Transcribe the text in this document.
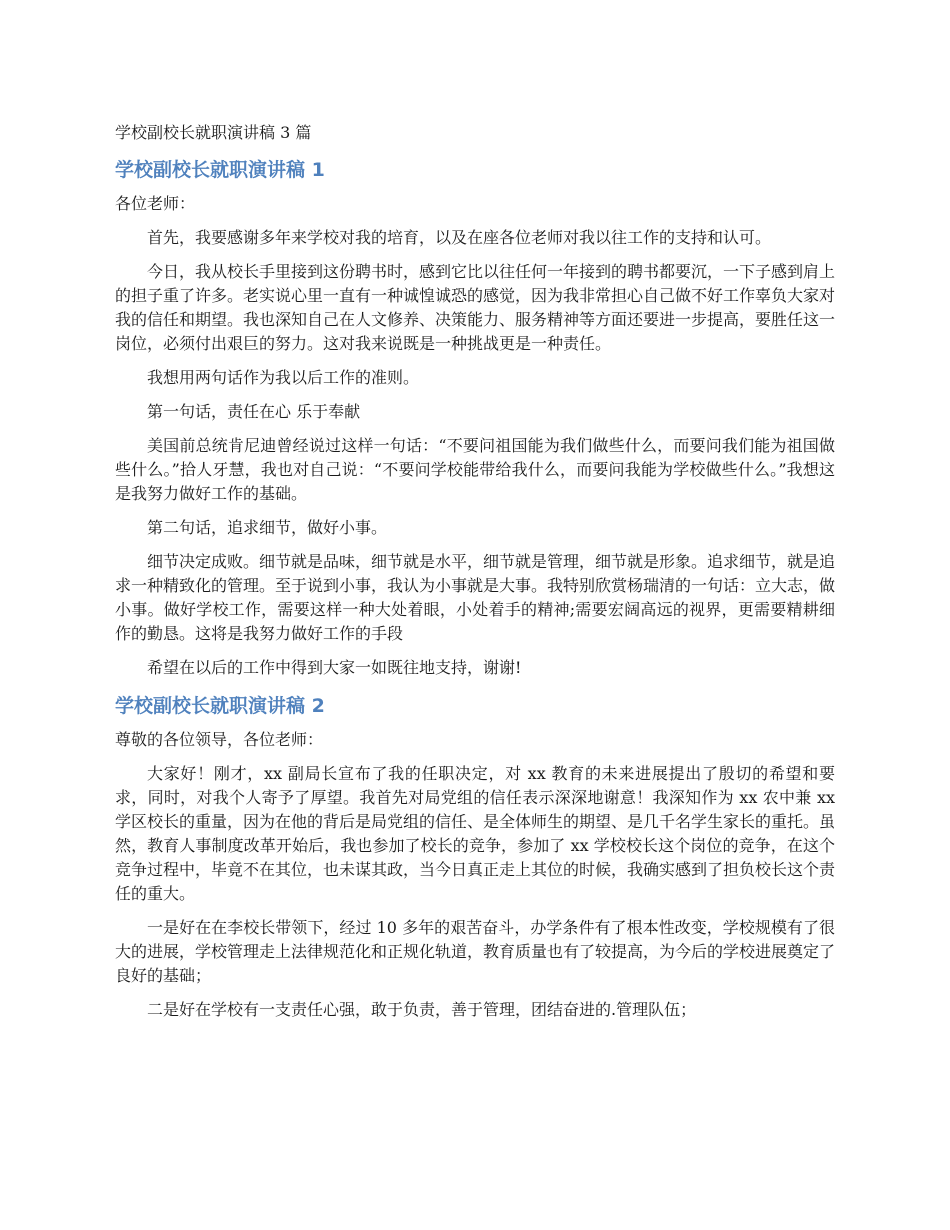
学校副校长就职演讲稿 3 篇
学校副校长就职演讲稿 1
各位老师：

首先，我要感谢多年来学校对我的培育，以及在座各位老师对我以往工作的支持和认可。

今日，我从校长手里接到这份聘书时，感到它比以往任何一年接到的聘书都要沉，一下子感到肩上的担子重了许多。老实说心里一直有一种诚惶诚恐的感觉，因为我非常担心自己做不好工作辜负大家对我的信任和期望。我也深知自己在人文修养、决策能力、服务精神等方面还要进一步提高，要胜任这一岗位，必须付出艰巨的努力。这对我来说既是一种挑战更是一种责任。

我想用两句话作为我以后工作的准则。

第一句话，责任在心 乐于奉献

美国前总统肯尼迪曾经说过这样一句话：“不要问祖国能为我们做些什么，而要问我们能为祖国做些什么。”拾人牙慧，我也对自己说：“不要问学校能带给我什么，而要问我能为学校做些什么。”我想这是我努力做好工作的基础。

第二句话，追求细节，做好小事。

细节决定成败。细节就是品味，细节就是水平，细节就是管理，细节就是形象。追求细节，就是追求一种精致化的管理。至于说到小事，我认为小事就是大事。我特别欣赏杨瑞清的一句话：立大志，做小事。做好学校工作，需要这样一种大处着眼，小处着手的精神;需要宏阔高远的视界，更需要精耕细作的勤恳。这将是我努力做好工作的手段

希望在以后的工作中得到大家一如既往地支持，谢谢!

学校副校长就职演讲稿 2
尊敬的各位领导，各位老师：

大家好！刚才，xx 副局长宣布了我的任职决定，对 xx 教育的未来进展提出了殷切的希望和要求，同时，对我个人寄予了厚望。我首先对局党组的信任表示深深地谢意！我深知作为 xx 农中兼 xx 学区校长的重量，因为在他的背后是局党组的信任、是全体师生的期望、是几千名学生家长的重托。虽然，教育人事制度改革开始后，我也参加了校长的竞争，参加了 xx 学校校长这个岗位的竞争，在这个竞争过程中，毕竟不在其位，也未谋其政，当今日真正走上其位的时候，我确实感到了担负校长这个责任的重大。

一是好在在李校长带领下，经过 10 多年的艰苦奋斗，办学条件有了根本性改变，学校规模有了很大的进展，学校管理走上法律规范化和正规化轨道，教育质量也有了较提高，为今后的学校进展奠定了良好的基础；

二是好在学校有一支责任心强，敢于负责，善于管理，团结奋进的.管理队伍；
